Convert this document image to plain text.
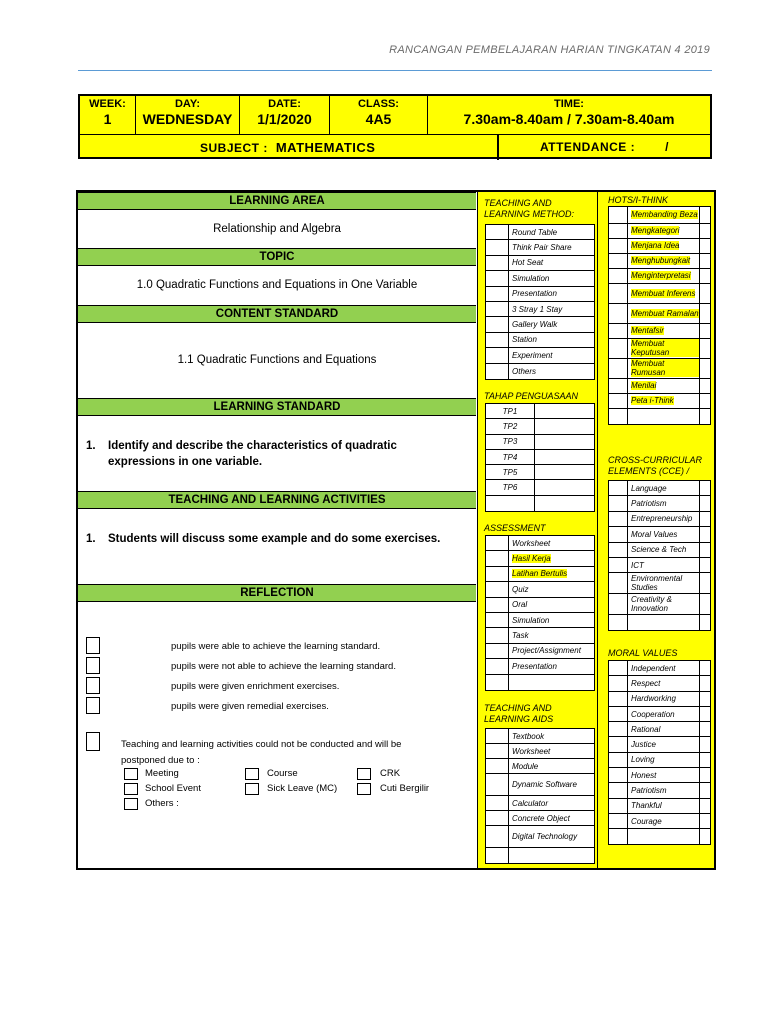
RANCANGAN PEMBELAJARAN HARIAN TINGKATAN 4 2019
WEEK:
1
DAY:
WEDNESDAY
DATE:
1/1/2020
CLASS:
4A5
TIME:
7.30am-8.40am / 7.30am-8.40am
SUBJECT : MATHEMATICS	ATTENDANCE :	/
LEARNING AREA
Relationship and Algebra
TOPIC
1.0 Quadratic Functions and Equations in One Variable
CONTENT STANDARD
1.1 Quadratic Functions and Equations
LEARNING STANDARD
1. Identify and describe the characteristics of quadratic expressions in one variable.
TEACHING AND LEARNING ACTIVITIES
1. Students will discuss some example and do some exercises.
REFLECTION
pupils were able to achieve the learning standard.
pupils were not able to achieve the learning standard.
pupils were given enrichment exercises.
pupils were given remedial exercises.
Teaching and learning activities could not be conducted and will be postponed due to :
Meeting	Course	CRK
School Event	Sick Leave (MC)	Cuti Bergilir
Others :
TEACHING AND LEARNING METHOD:
Round Table
Think Pair Share
Hot Seat
Simulation
Presentation
3 Stray 1 Stay
Gallery Walk
Station
Experiment
Others
TAHAP PENGUASAAN
TP1
TP2
TP3
TP4
TP5
TP6
ASSESSMENT
Worksheet
Hasil Kerja
Latihan Bertulis
Quiz
Oral
Simulation
Task
Project/Assignment
Presentation
TEACHING AND LEARNING AIDS
Textbook
Worksheet
Module
Dynamic Software
Calculator
Concrete Object
Digital Technology
HOTS/I-THINK
Membanding Beza
Mengkategori
Menjana Idea
Menghubungkait
Menginterpretasi
Membuat Inferens
Membuat Ramalan
Mentafsir
Membuat Keputusan
Membuat Rumusan
Menilai
Peta i-Think
CROSS-CURRICULAR ELEMENTS (CCE) /
Language
Patriotism
Entrepreneurship
Moral Values
Science & Tech
ICT
Environmental Studies
Creativity & Innovation
MORAL VALUES
Independent
Respect
Hardworking
Cooperation
Rational
Justice
Loving
Honest
Patriotism
Thankful
Courage
